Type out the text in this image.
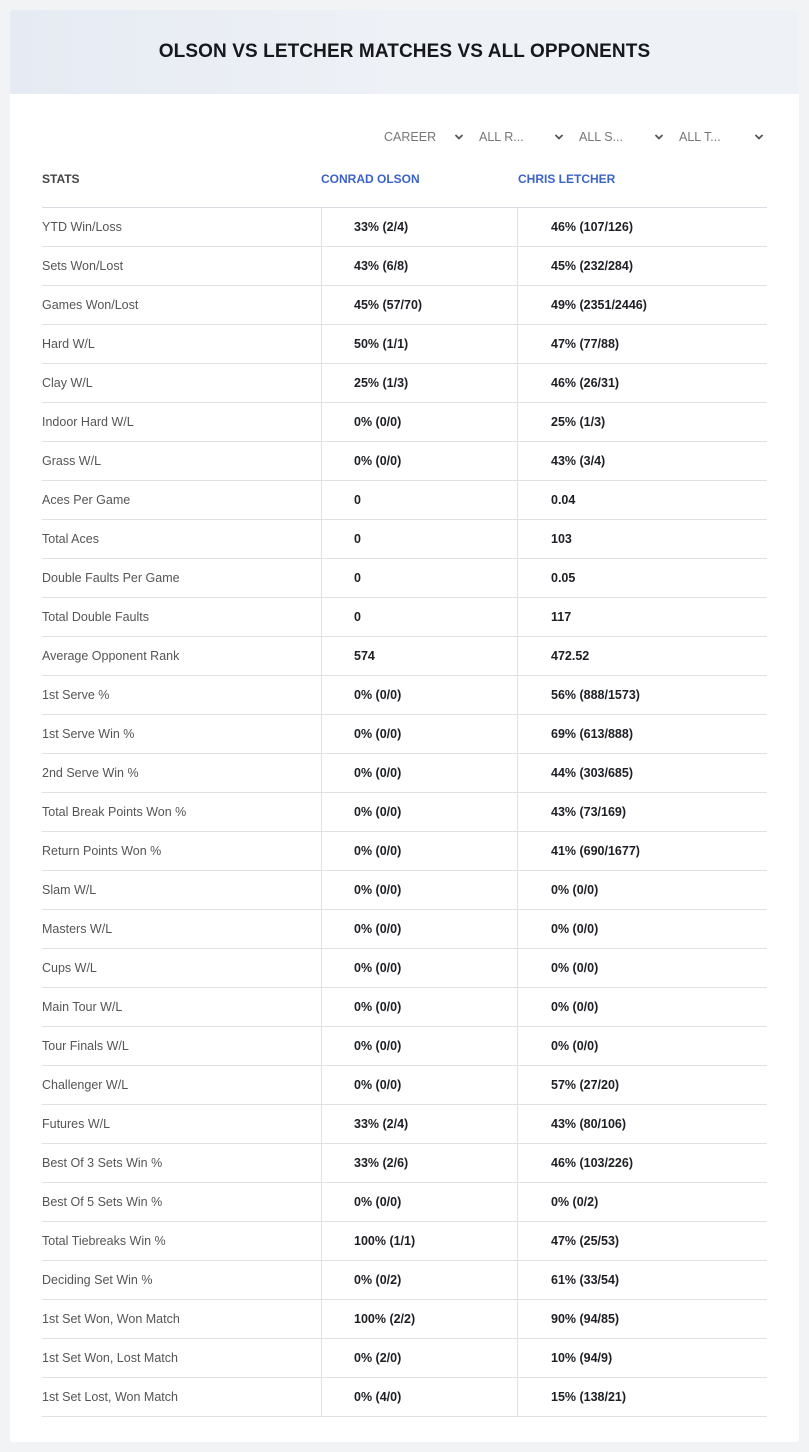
OLSON VS LETCHER MATCHES VS ALL OPPONENTS
CAREER	ALL R...	ALL S...	ALL T...
STATS	CONRAD OLSON	CHRIS LETCHER
YTD Win/Loss	33% (2/4)	46% (107/126)
Sets Won/Lost	43% (6/8)	45% (232/284)
Games Won/Lost	45% (57/70)	49% (2351/2446)
Hard W/L	50% (1/1)	47% (77/88)
Clay W/L	25% (1/3)	46% (26/31)
Indoor Hard W/L	0% (0/0)	25% (1/3)
Grass W/L	0% (0/0)	43% (3/4)
Aces Per Game	0	0.04
Total Aces	0	103
Double Faults Per Game	0	0.05
Total Double Faults	0	117
Average Opponent Rank	574	472.52
1st Serve %	0% (0/0)	56% (888/1573)
1st Serve Win %	0% (0/0)	69% (613/888)
2nd Serve Win %	0% (0/0)	44% (303/685)
Total Break Points Won %	0% (0/0)	43% (73/169)
Return Points Won %	0% (0/0)	41% (690/1677)
Slam W/L	0% (0/0)	0% (0/0)
Masters W/L	0% (0/0)	0% (0/0)
Cups W/L	0% (0/0)	0% (0/0)
Main Tour W/L	0% (0/0)	0% (0/0)
Tour Finals W/L	0% (0/0)	0% (0/0)
Challenger W/L	0% (0/0)	57% (27/20)
Futures W/L	33% (2/4)	43% (80/106)
Best Of 3 Sets Win %	33% (2/6)	46% (103/226)
Best Of 5 Sets Win %	0% (0/0)	0% (0/2)
Total Tiebreaks Win %	100% (1/1)	47% (25/53)
Deciding Set Win %	0% (0/2)	61% (33/54)
1st Set Won, Won Match	100% (2/2)	90% (94/85)
1st Set Won, Lost Match	0% (2/0)	10% (94/9)
1st Set Lost, Won Match	0% (4/0)	15% (138/21)
